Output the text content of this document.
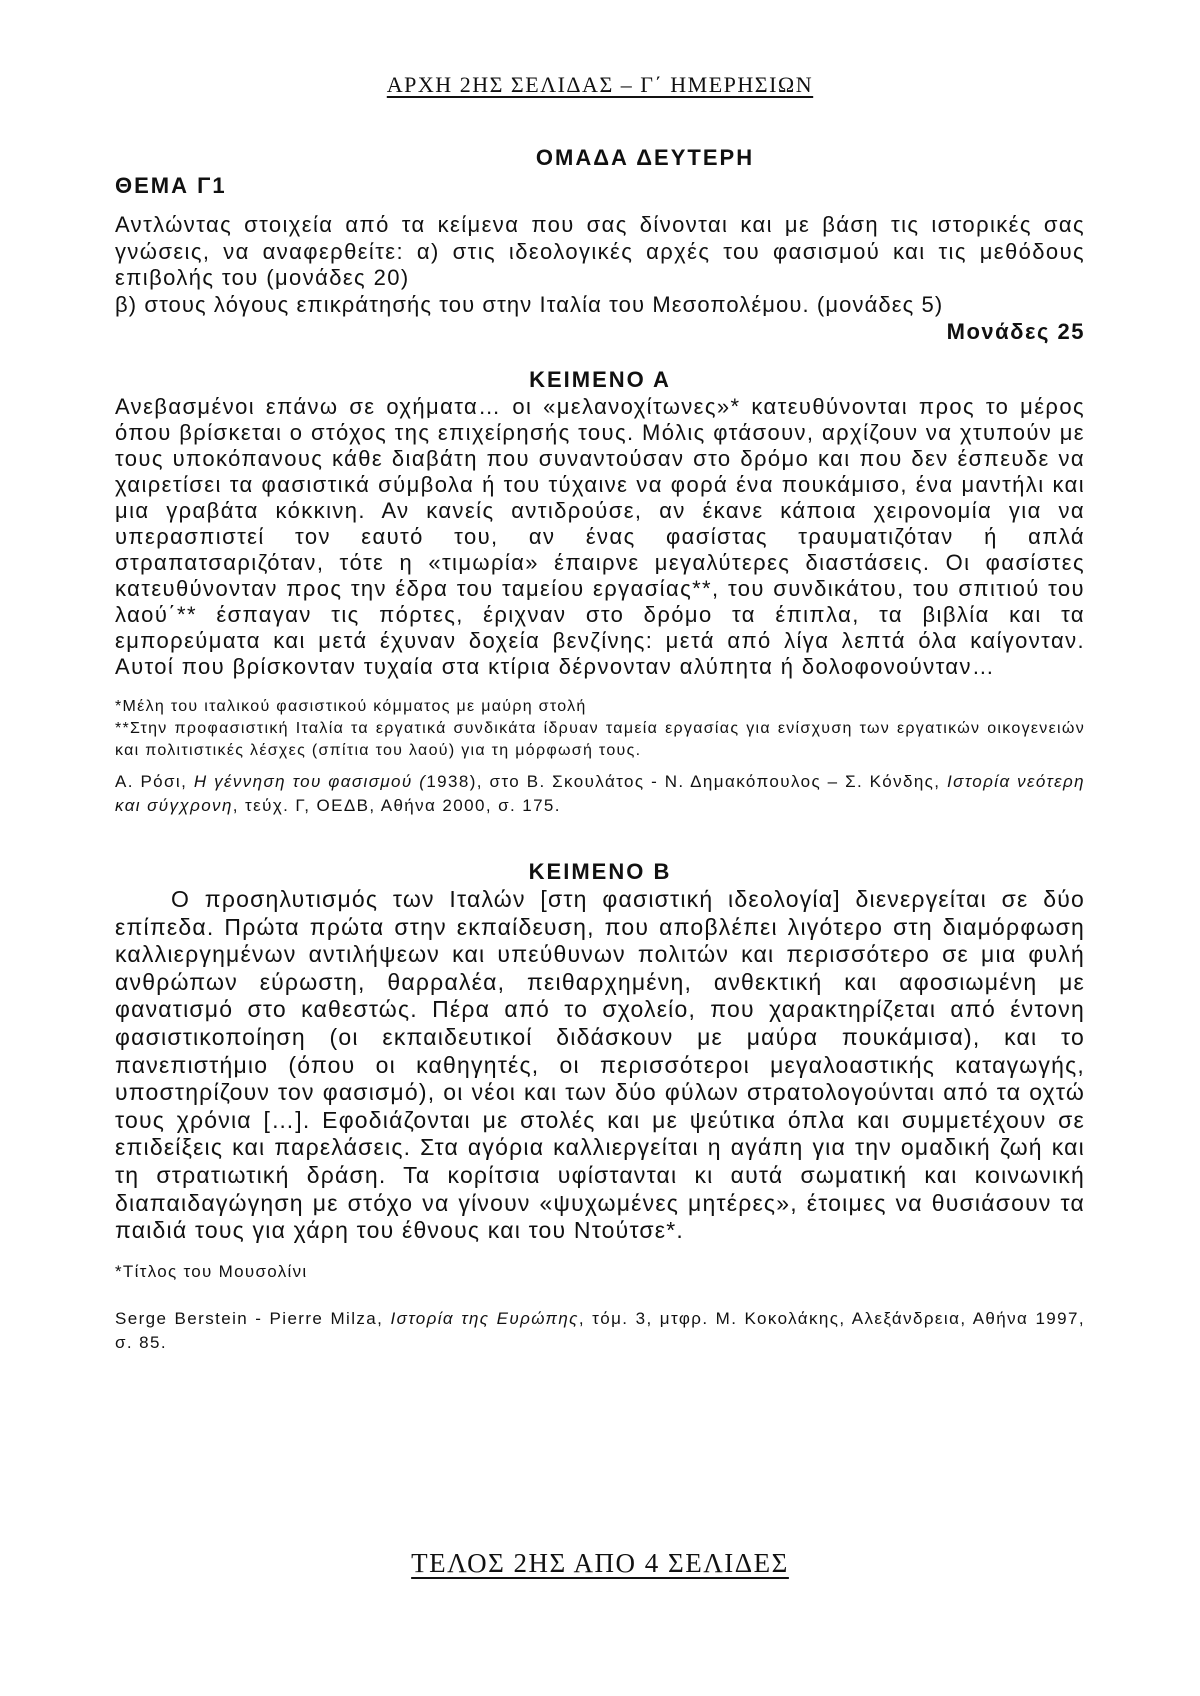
ΑΡΧΗ 2ΗΣ ΣΕΛΙΔΑΣ – Γ΄ ΗΜΕΡΗΣΙΩΝ

ΟΜΑΔΑ ΔΕΥΤΕΡΗ

ΘΕΜΑ Γ1

Αντλώντας στοιχεία από τα κείμενα που σας δίνονται και με βάση τις ιστορικές σας γνώσεις, να αναφερθείτε: α) στις ιδεολογικές αρχές του φασισμού και τις μεθόδους επιβολής του (μονάδες 20)

β) στους λόγους επικράτησής του στην Ιταλία του Μεσοπολέμου. (μονάδες 5)

Μονάδες 25

ΚΕΙΜΕΝΟ Α

Ανεβασμένοι επάνω σε οχήματα… οι «μελανοχίτωνες»* κατευθύνονται προς το μέρος όπου βρίσκεται ο στόχος της επιχείρησής τους. Μόλις φτάσουν, αρχίζουν να χτυπούν με τους υποκόπανους κάθε διαβάτη που συναντούσαν στο δρόμο και που δεν έσπευδε να χαιρετίσει τα φασιστικά σύμβολα ή του τύχαινε να φορά ένα πουκάμισο, ένα μαντήλι και μια γραβάτα κόκκινη. Αν κανείς αντιδρούσε, αν έκανε κάποια χειρονομία για να υπερασπιστεί τον εαυτό του, αν ένας φασίστας τραυματιζόταν ή απλά στραπατσαριζόταν, τότε η «τιμωρία» έπαιρνε μεγαλύτερες διαστάσεις. Οι φασίστες κατευθύνονταν προς την έδρα του ταμείου εργασίας**, του συνδικάτου, του σπιτιού του λαού΄** έσπαγαν τις πόρτες, έριχναν στο δρόμο τα έπιπλα, τα βιβλία και τα εμπορεύματα και μετά έχυναν δοχεία βενζίνης: μετά από λίγα λεπτά όλα καίγονταν. Αυτοί που βρίσκονταν τυχαία στα κτίρια δέρνονταν αλύπητα ή δολοφονούνταν…

*Μέλη του ιταλικού φασιστικού κόμματος με μαύρη στολή

**Στην προφασιστική Ιταλία τα εργατικά συνδικάτα ίδρυαν ταμεία εργασίας για ενίσχυση των εργατικών οικογενειών και πολιτιστικές λέσχες (σπίτια του λαού) για τη μόρφωσή τους.

Α. Ρόσι, Η γέννηση του φασισμού (1938), στο Β. Σκουλάτος - Ν. Δημακόπουλος – Σ. Κόνδης, Ιστορία νεότερη και σύγχρονη, τεύχ. Γ, ΟΕΔΒ, Αθήνα 2000, σ. 175.

ΚΕΙΜΕΝΟ Β

Ο προσηλυτισμός των Ιταλών [στη φασιστική ιδεολογία] διενεργείται σε δύο επίπεδα. Πρώτα πρώτα στην εκπαίδευση, που αποβλέπει λιγότερο στη διαμόρφωση καλλιεργημένων αντιλήψεων και υπεύθυνων πολιτών και περισσότερο σε μια φυλή ανθρώπων εύρωστη, θαρραλέα, πειθαρχημένη, ανθεκτική και αφοσιωμένη με φανατισμό στο καθεστώς. Πέρα από το σχολείο, που χαρακτηρίζεται από έντονη φασιστικοποίηση (οι εκπαιδευτικοί διδάσκουν με μαύρα πουκάμισα), και το πανεπιστήμιο (όπου οι καθηγητές, οι περισσότεροι μεγαλοαστικής καταγωγής, υποστηρίζουν τον φασισμό), οι νέοι και των δύο φύλων στρατολογούνται από τα οχτώ τους χρόνια […]. Εφοδιάζονται με στολές και με ψεύτικα όπλα και συμμετέχουν σε επιδείξεις και παρελάσεις. Στα αγόρια καλλιεργείται η αγάπη για την ομαδική ζωή και τη στρατιωτική δράση. Τα κορίτσια υφίστανται κι αυτά σωματική και κοινωνική διαπαιδαγώγηση με στόχο να γίνουν «ψυχωμένες μητέρες», έτοιμες να θυσιάσουν τα παιδιά τους για χάρη του έθνους και του Ντούτσε*.

*Τίτλος του Μουσολίνι

Serge Berstein - Pierre Milza, Ιστορία της Ευρώπης, τόμ. 3, μτφρ. Μ. Κοκολάκης, Αλεξάνδρεια, Αθήνα 1997, σ. 85.

ΤΕΛΟΣ 2ΗΣ ΑΠΟ 4 ΣΕΛΙΔΕΣ
